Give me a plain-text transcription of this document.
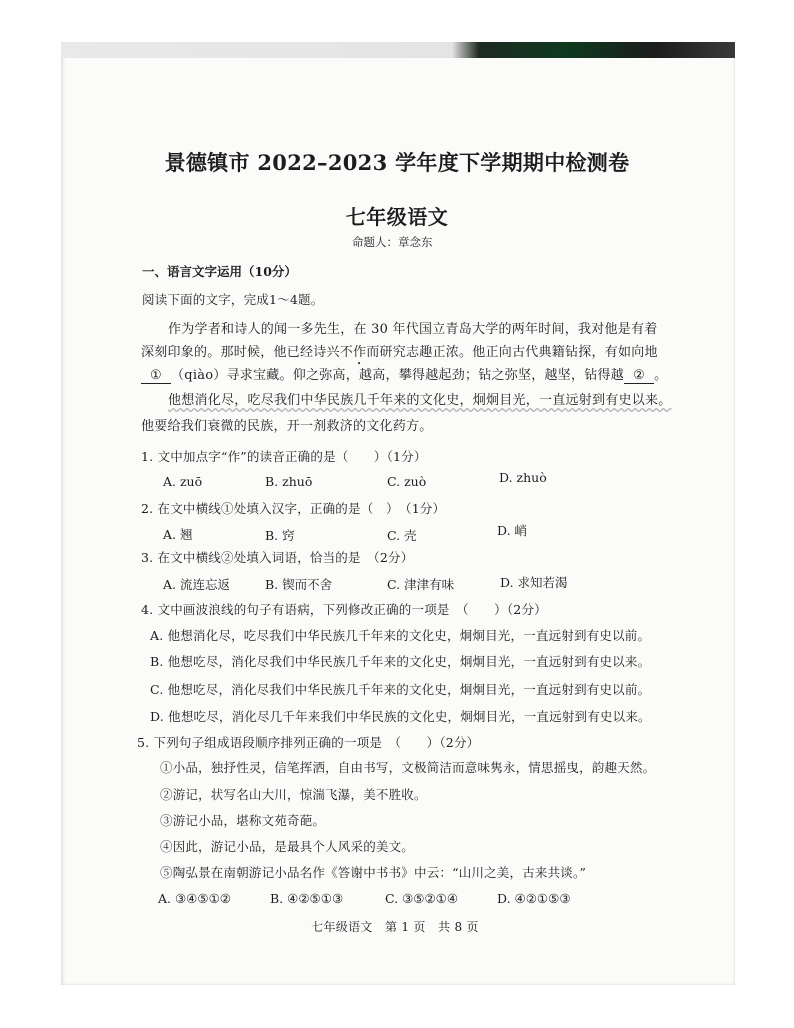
景德镇市 2022–2023 学年度下学期期中检测卷
七年级语文
命题人：章念东
一、语言文字运用（10分）
阅读下面的文字，完成1～4题。
作为学者和诗人的闻一多先生，在 30 年代国立青岛大学的两年时间，我对他是有着
深刻印象的。那时候，他已经诗兴不作而研究志趣正浓。他正向古代典籍钻探，有如向地
① （qiào）寻求宝藏。仰之弥高，越高，攀得越起劲；钻之弥坚，越坚，钻得越 ② 。
他想消化尽，吃尽我们中华民族几千年来的文化史，炯炯目光，一直远射到有史以来。
他要给我们衰微的民族，开一剂救济的文化药方。
1. 文中加点字“作”的读音正确的是（　　）（1分）
A. zuō	B. zhuō	C. zuò	D. zhuò
2. 在文中横线①处填入汉字，正确的是（　）　（1分）
A. 翘	B. 窍	C. 壳	D. 峭
3. 在文中横线②处填入词语，恰当的是　（2分）
A. 流连忘返	B. 锲而不舍	C. 津津有味	D. 求知若渴
4. 文中画波浪线的句子有语病，下列修改正确的一项是　（　　）（2分）
A. 他想消化尽，吃尽我们中华民族几千年来的文化史，炯炯目光，一直远射到有史以前。
B. 他想吃尽，消化尽我们中华民族几千年来的文化史，炯炯目光，一直远射到有史以来。
C. 他想吃尽，消化尽我们中华民族几千年来的文化史，炯炯目光，一直远射到有史以前。
D. 他想吃尽，消化尽几千年来我们中华民族的文化史，炯炯目光，一直远射到有史以来。
5. 下列句子组成语段顺序排列正确的一项是　（　　）（2分）
①小品，独抒性灵，信笔挥洒，自由书写，文极简洁而意味隽永，情思摇曳，韵趣天然。
②游记，状写名山大川，惊湍飞瀑，美不胜收。
③游记小品，堪称文苑奇葩。
④因此，游记小品，是最具个人风采的美文。
⑤陶弘景在南朝游记小品名作《答谢中书书》中云：“山川之美，古来共谈。”
A. ③④⑤①②	B. ④②⑤①③	C. ③⑤②①④	D. ④②①⑤③
七年级语文　第 1 页　共 8 页
